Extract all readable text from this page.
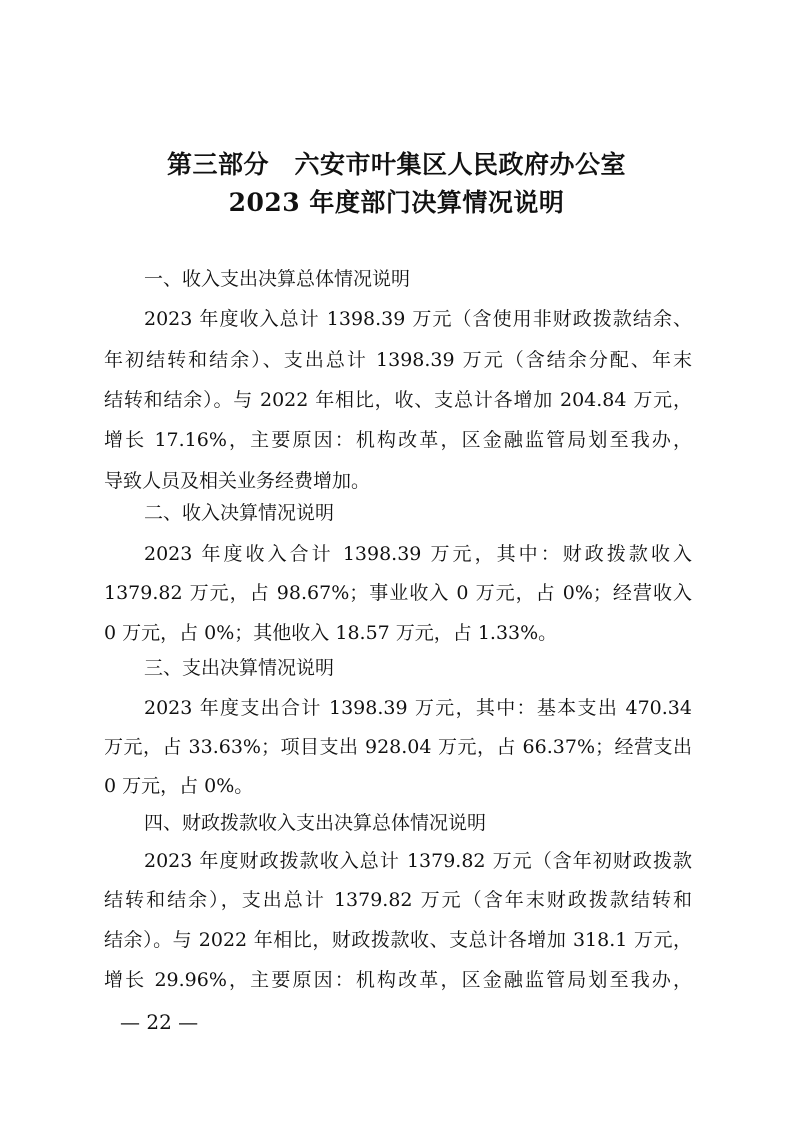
第三部分　六安市叶集区人民政府办公室
2023 年度部门决算情况说明
一、收入支出决算总体情况说明
2023 年度收入总计 1398.39 万元（含使用非财政拨款结余、
年初结转和结余）、支出总计 1398.39 万元（含结余分配、年末
结转和结余）。与 2022 年相比，收、支总计各增加 204.84 万元，
增长 17.16%，主要原因：机构改革，区金融监管局划至我办，
导致人员及相关业务经费增加。
二、收入决算情况说明
2023 年度收入合计 1398.39 万元，其中：财政拨款收入
1379.82 万元，占 98.67%；事业收入 0 万元，占 0%；经营收入
0 万元，占 0%；其他收入 18.57 万元，占 1.33%。
三、支出决算情况说明
2023 年度支出合计 1398.39 万元，其中：基本支出 470.34
万元，占 33.63%；项目支出 928.04 万元，占 66.37%；经营支出
0 万元，占 0%。
四、财政拨款收入支出决算总体情况说明
2023 年度财政拨款收入总计 1379.82 万元（含年初财政拨款
结转和结余），支出总计 1379.82 万元（含年末财政拨款结转和
结余）。与 2022 年相比，财政拨款收、支总计各增加 318.1 万元，
增长 29.96%，主要原因：机构改革，区金融监管局划至我办，
— 22 —
